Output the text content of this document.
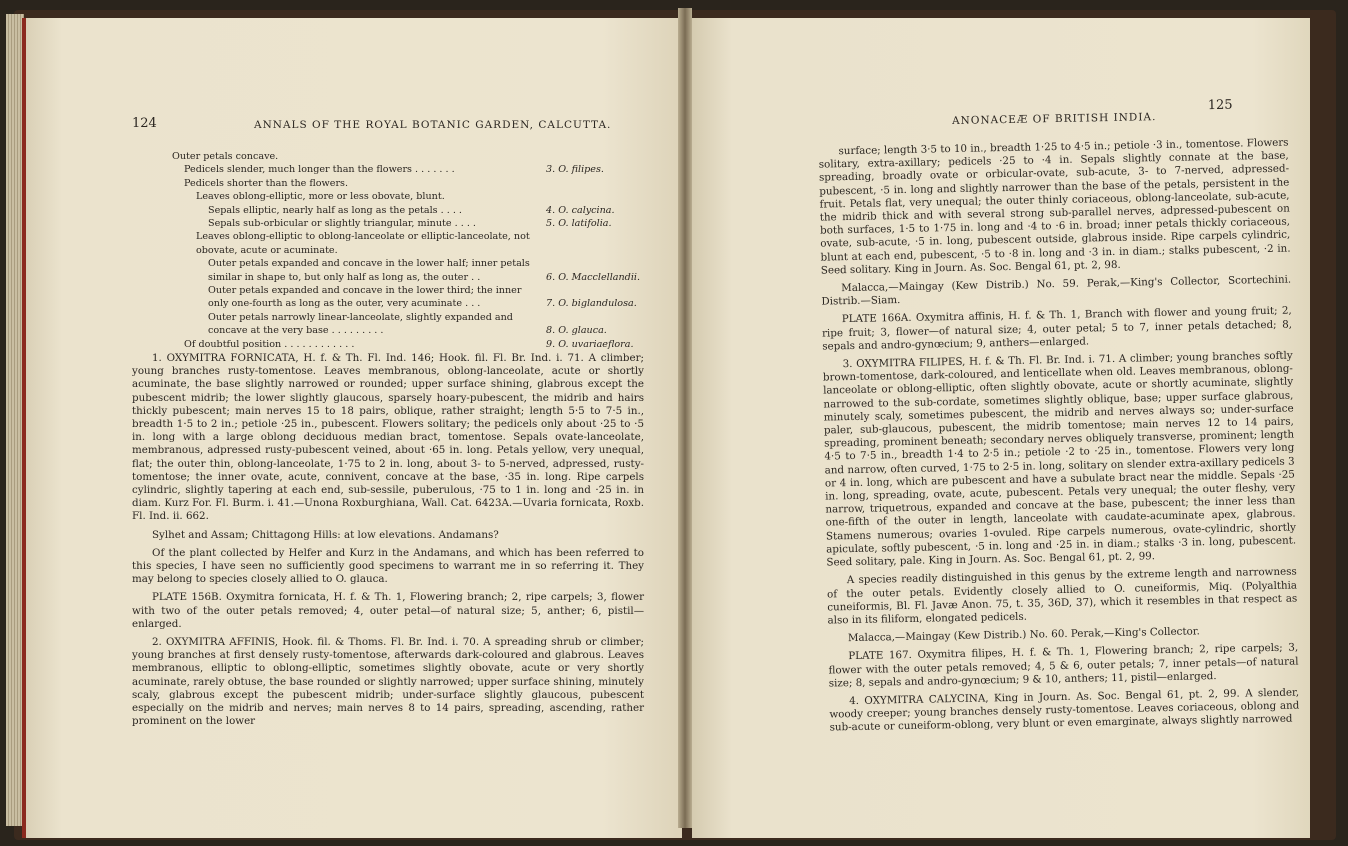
124	ANNALS OF THE ROYAL BOTANIC GARDEN, CALCUTTA.
Outer petals concave.
Pedicels slender, much longer than the flowers . . . . . . .	3. O. filipes.
Pedicels shorter than the flowers.
Leaves oblong-elliptic, more or less obovate, blunt.
Sepals elliptic, nearly half as long as the petals . . . .	4. O. calycina.
Sepals sub-orbicular or slightly triangular, minute . . . .	5. O. latifolia.
Leaves oblong-elliptic to oblong-lanceolate or elliptic-lanceolate, not
obovate, acute or acuminate.
Outer petals expanded and concave in the lower half; inner petals
similar in shape to, but only half as long as, the outer . .	6. O. Macclellandii.
Outer petals expanded and concave in the lower third; the inner
only one-fourth as long as the outer, very acuminate . . .	7. O. biglandulosa.
Outer petals narrowly linear-lanceolate, slightly expanded and
concave at the very base . . . . . . . . .	8. O. glauca.
Of doubtful position . . . . . . . . . . . .	9. O. uvariaeflora.

1. OXYMITRA FORNICATA, H. f. & Th. Fl. Ind. 146; Hook. fil. Fl. Br. Ind. i. 71. A climber; young branches rusty-tomentose. Leaves membranous, oblong-lanceolate, acute or shortly acuminate, the base slightly narrowed or rounded; upper surface shining, glabrous except the pubescent midrib; the lower slightly glaucous, sparsely hoary-pubescent, the midrib and hairs thickly pubescent; main nerves 15 to 18 pairs, oblique, rather straight; length 5·5 to 7·5 in., breadth 1·5 to 2 in.; petiole ·25 in., pubescent. Flowers solitary; the pedicels only about ·25 to ·5 in. long with a large oblong deciduous median bract, tomentose. Sepals ovate-lanceolate, membranous, adpressed rusty-pubescent veined, about ·65 in. long. Petals yellow, very unequal, flat; the outer thin, oblong-lanceolate, 1·75 to 2 in. long, about 3- to 5-nerved, adpressed, rusty-tomentose; the inner ovate, acute, connivent, concave at the base, ·35 in. long. Ripe carpels cylindric, slightly tapering at each end, sub-sessile, puberulous, ·75 to 1 in. long and ·25 in. in diam. Kurz For. Fl. Burm. i. 41.—Unona Roxburghiana, Wall. Cat. 6423A.—Uvaria fornicata, Roxb. Fl. Ind. ii. 662.

Sylhet and Assam; Chittagong Hills: at low elevations. Andamans?

Of the plant collected by Helfer and Kurz in the Andamans, and which has been referred to this species, I have seen no sufficiently good specimens to warrant me in so referring it. They may belong to species closely allied to O. glauca.

PLATE 156B. Oxymitra fornicata, H. f. & Th. 1, Flowering branch; 2, ripe carpels; 3, flower with two of the outer petals removed; 4, outer petal—of natural size; 5, anther; 6, pistil—enlarged.

2. OXYMITRA AFFINIS, Hook. fil. & Thoms. Fl. Br. Ind. i. 70. A spreading shrub or climber; young branches at first densely rusty-tomentose, afterwards dark-coloured and glabrous. Leaves membranous, elliptic to oblong-elliptic, sometimes slightly obovate, acute or very shortly acuminate, rarely obtuse, the base rounded or slightly narrowed; upper surface shining, minutely scaly, glabrous except the pubescent midrib; under-surface slightly glaucous, pubescent especially on the midrib and nerves; main nerves 8 to 14 pairs, spreading, ascending, rather prominent on the lower

ANONACEÆ OF BRITISH INDIA.
125

surface; length 3·5 to 10 in., breadth 1·25 to 4·5 in.; petiole ·3 in., tomentose. Flowers solitary, extra-axillary; pedicels ·25 to ·4 in. Sepals slightly connate at the base, spreading, broadly ovate or orbicular-ovate, sub-acute, 3- to 7-nerved, adpressed-pubescent, ·5 in. long and slightly narrower than the base of the petals, persistent in the fruit. Petals flat, very unequal; the outer thinly coriaceous, oblong-lanceolate, sub-acute, the midrib thick and with several strong sub-parallel nerves, adpressed-pubescent on both surfaces, 1·5 to 1·75 in. long and ·4 to ·6 in. broad; inner petals thickly coriaceous, ovate, sub-acute, ·5 in. long, pubescent outside, glabrous inside. Ripe carpels cylindric, blunt at each end, pubescent, ·5 to ·8 in. long and ·3 in. in diam.; stalks pubescent, ·2 in. Seed solitary. King in Journ. As. Soc. Bengal 61, pt. 2, 98.

Malacca,—Maingay (Kew Distrib.) No. 59. Perak,—King's Collector, Scortechini. Distrib.—Siam.

PLATE 166A. Oxymitra affinis, H. f. & Th. 1, Branch with flower and young fruit; 2, ripe fruit; 3, flower—of natural size; 4, outer petal; 5 to 7, inner petals detached; 8, sepals and andro-gynœcium; 9, anthers—enlarged.

3. OXYMITRA FILIPES, H. f. & Th. Fl. Br. Ind. i. 71. A climber; young branches softly brown-tomentose, dark-coloured, and lenticellate when old. Leaves membranous, oblong-lanceolate or oblong-elliptic, often slightly obovate, acute or shortly acuminate, slightly narrowed to the sub-cordate, sometimes slightly oblique, base; upper surface glabrous, minutely scaly, sometimes pubescent, the midrib and nerves always so; under-surface paler, sub-glaucous, pubescent, the midrib tomentose; main nerves 12 to 14 pairs, spreading, prominent beneath; secondary nerves obliquely transverse, prominent; length 4·5 to 7·5 in., breadth 1·4 to 2·5 in.; petiole ·2 to ·25 in., tomentose. Flowers very long and narrow, often curved, 1·75 to 2·5 in. long, solitary on slender extra-axillary pedicels 3 or 4 in. long, which are pubescent and have a subulate bract near the middle. Sepals ·25 in. long, spreading, ovate, acute, pubescent. Petals very unequal; the outer fleshy, very narrow, triquetrous, expanded and concave at the base, pubescent; the inner less than one-fifth of the outer in length, lanceolate with caudate-acuminate apex, glabrous. Stamens numerous; ovaries 1-ovuled. Ripe carpels numerous, ovate-cylindric, shortly apiculate, softly pubescent, ·5 in. long and ·25 in. in diam.; stalks ·3 in. long, pubescent. Seed solitary, pale. King in Journ. As. Soc. Bengal 61, pt. 2, 99.

A species readily distinguished in this genus by the extreme length and narrowness of the outer petals. Evidently closely allied to O. cuneiformis, Miq. (Polyalthia cuneiformis, Bl. Fl. Javæ Anon. 75, t. 35, 36D, 37), which it resembles in that respect as also in its filiform, elongated pedicels.

Malacca,—Maingay (Kew Distrib.) No. 60. Perak,—King's Collector.

PLATE 167. Oxymitra filipes, H. f. & Th. 1, Flowering branch; 2, ripe carpels; 3, flower with the outer petals removed; 4, 5 & 6, outer petals; 7, inner petals—of natural size; 8, sepals and andro-gynœcium; 9 & 10, anthers; 11, pistil—enlarged.

4. OXYMITRA CALYCINA, King in Journ. As. Soc. Bengal 61, pt. 2, 99. A slender, woody creeper; young branches densely rusty-tomentose. Leaves coriaceous, oblong and sub-acute or cuneiform-oblong, very blunt or even emarginate, always slightly narrowed
